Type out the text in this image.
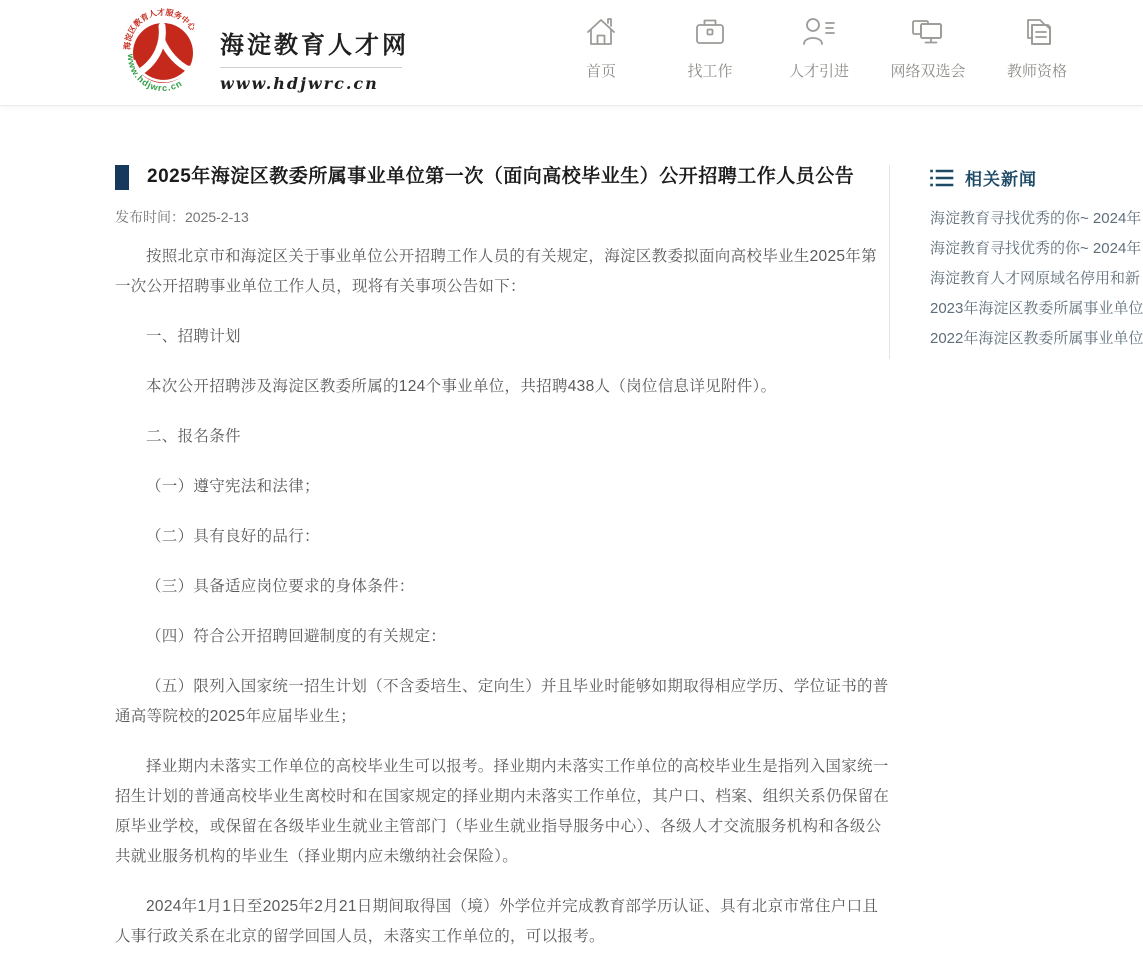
海淀区教育人才服务中心
www.hdjwrc.cn
海淀教育人才网
www.hdjwrc.cn
首页	找工作	人才引进	网络双选会	教师资格
2025年海淀区教委所属事业单位第一次（面向高校毕业生）公开招聘工作人员公告
发布时间：2025-2-13

按照北京市和海淀区关于事业单位公开招聘工作人员的有关规定，海淀区教委拟面向高校毕业生2025年第一次公开招聘事业单位工作人员，现将有关事项公告如下：

一、招聘计划

本次公开招聘涉及海淀区教委所属的124个事业单位，共招聘438人（岗位信息详见附件）。

二、报名条件

（一）遵守宪法和法律；

（二）具有良好的品行：

（三）具备适应岗位要求的身体条件：

（四）符合公开招聘回避制度的有关规定：

（五）限列入国家统一招生计划（不含委培生、定向生）并且毕业时能够如期取得相应学历、学位证书的普通高等院校的2025年应届毕业生；

择业期内未落实工作单位的高校毕业生可以报考。择业期内未落实工作单位的高校毕业生是指列入国家统一招生计划的普通高校毕业生离校时和在国家规定的择业期内未落实工作单位，其户口、档案、组织关系仍保留在原毕业学校，或保留在各级毕业生就业主管部门（毕业生就业指导服务中心）、各级人才交流服务机构和各级公共就业服务机构的毕业生（择业期内应未缴纳社会保险）。

2024年1月1日至2025年2月21日期间取得国（境）外学位并完成教育部学历认证、具有北京市常住户口且人事行政关系在北京的留学回国人员，未落实工作单位的，可以报考。

相关新闻
海淀教育寻找优秀的你~ 2024年
海淀教育寻找优秀的你~ 2024年
海淀教育人才网原域名停用和新
2023年海淀区教委所属事业单位
2022年海淀区教委所属事业单位
